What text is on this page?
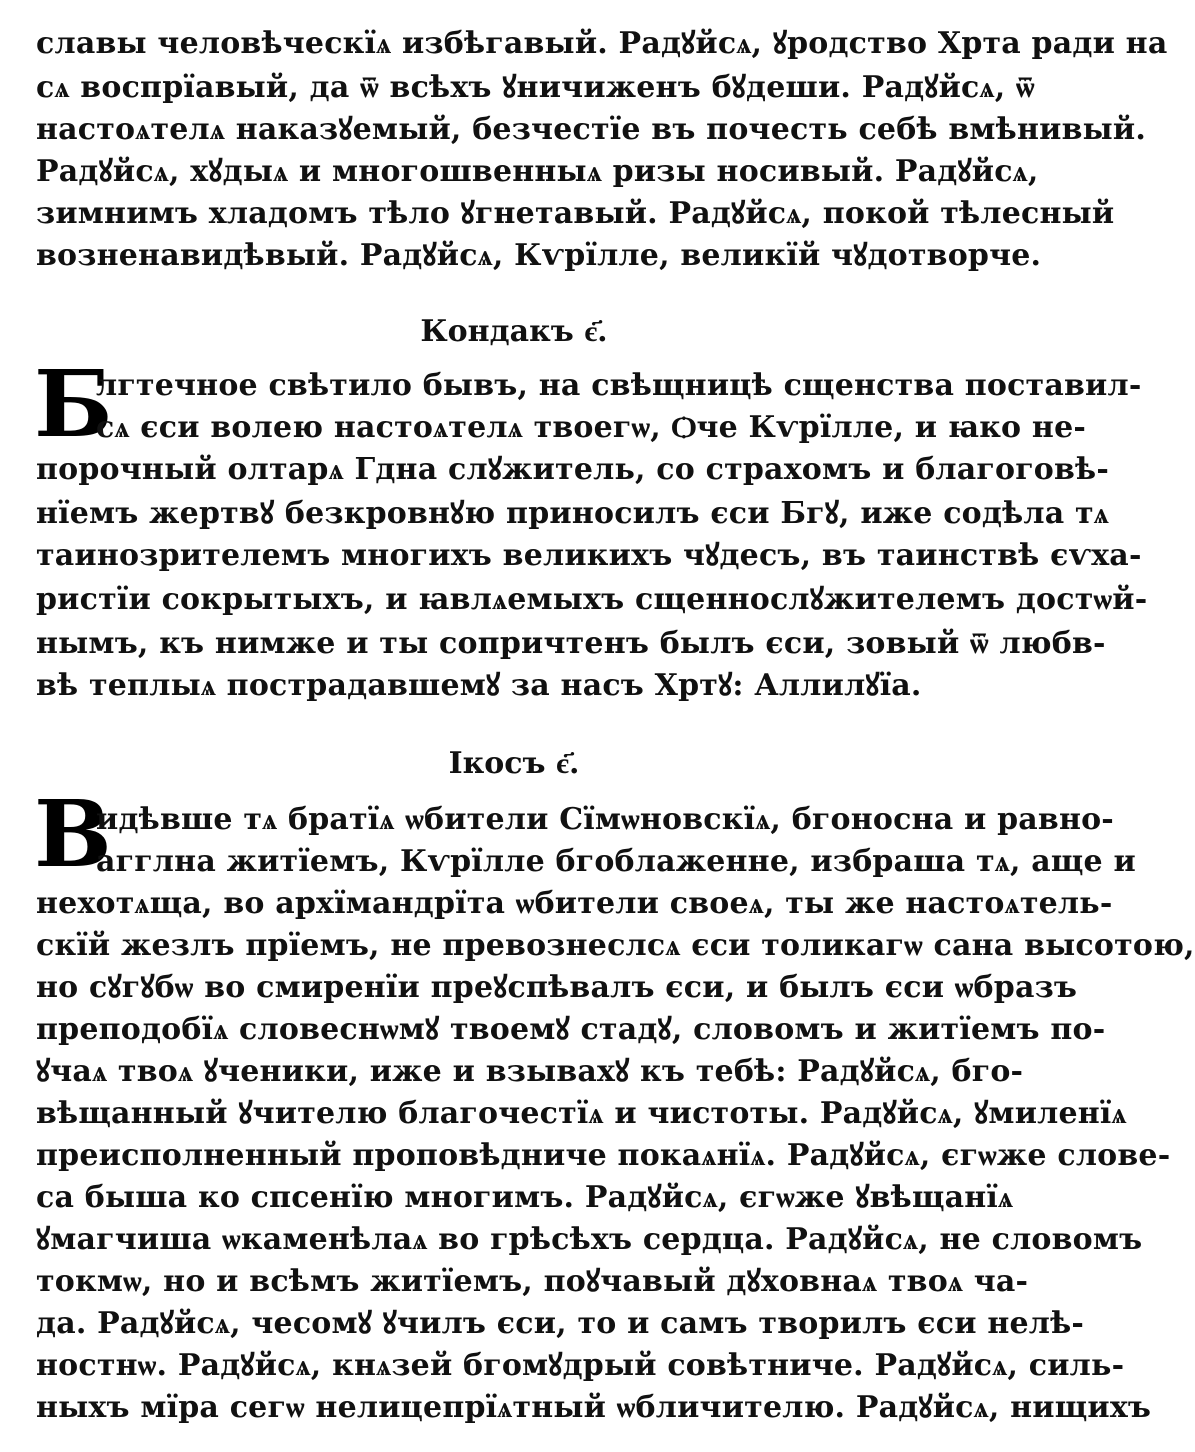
славы человѣческїѧ избѣгавый. Радꙋйсѧ, ꙋродство Хрта ради на
сѧ воспрїавый, да ѿ всѣхъ ꙋничиженъ бꙋдеши. Радꙋйсѧ, ѿ
настоѧтелѧ наказꙋемый, безчестїе въ почесть себѣ вмѣнивый.
Радꙋйсѧ, хꙋдыѧ и многошвенныѧ ризы носивый. Радꙋйсѧ,
зимнимъ хладомъ тѣло ꙋгнетавый. Радꙋйсѧ, покой тѣлесный
возненавидѣвый. Радꙋйсѧ, Кѵрїлле, великїй чꙋдотворче.
Кондакъ є҃.
Б
лгтечное свѣтило бывъ, на свѣщницѣ сщенства поставил-
сѧ єси волею настоѧтелѧ твоегѡ, Ѻче Кѵрїлле, и ꙗко не-
порочный олтарѧ Гдна слꙋжитель, со страхомъ и благоговѣ-
нїемъ жертвꙋ безкровнꙋю приносилъ єси Бгꙋ, иже содѣла тѧ
таинозрителемъ многихъ великихъ чꙋдесъ, въ таинствѣ єѵха-
ристїи сокрытыхъ, и ꙗвлѧемыхъ сщеннослꙋжителемъ достѡй-
нымъ, къ нимже и ты сопричтенъ былъ єси, зовый ѿ любв-
вѣ теплыѧ пострадавшемꙋ за насъ Хртꙋ: Аллилꙋїа.
Ікосъ є҃.
В
идѣвше тѧ братїѧ ѡбители Сїмѡновскїѧ, бгоносна и равно-
агглна житїемъ, Кѵрїлле бгоблаженне, избраша тѧ, аще и
нехотѧща, во архїмандрїта ѡбители своеѧ, ты же настоѧтель-
скїй жезлъ прїемъ, не превознеслсѧ єси толикагѡ сана высотою,
но сꙋгꙋбѡ во смиренїи преꙋспѣвалъ єси, и былъ єси ѡбразъ
преподобїѧ словеснѡмꙋ твоемꙋ стадꙋ, словомъ и житїемъ по-
ꙋчаѧ твоѧ ꙋченики, иже и взывахꙋ къ тебѣ: Радꙋйсѧ, бго-
вѣщанный ꙋчителю благочестїѧ и чистоты. Радꙋйсѧ, ꙋмиленїѧ
преисполненный проповѣдниче покаѧнїѧ. Радꙋйсѧ, єгѡже слове-
са быша ко спсенїю многимъ. Радꙋйсѧ, єгѡже ꙋвѣщанїѧ
ꙋмагчиша ѡкаменѣлаѧ во грѣсѣхъ сердца. Радꙋйсѧ, не словомъ
токмѡ, но и всѣмъ житїемъ, поꙋчавый дꙋховнаѧ твоѧ ча-
да. Радꙋйсѧ, чесомꙋ ꙋчилъ єси, то и самъ творилъ єси нелѣ-
ностнѡ. Радꙋйсѧ, кнѧзей бгомꙋдрый совѣтниче. Радꙋйсѧ, силь-
ныхъ мїра сегѡ нелицепрїѧтный ѡбличителю. Радꙋйсѧ, нищихъ
